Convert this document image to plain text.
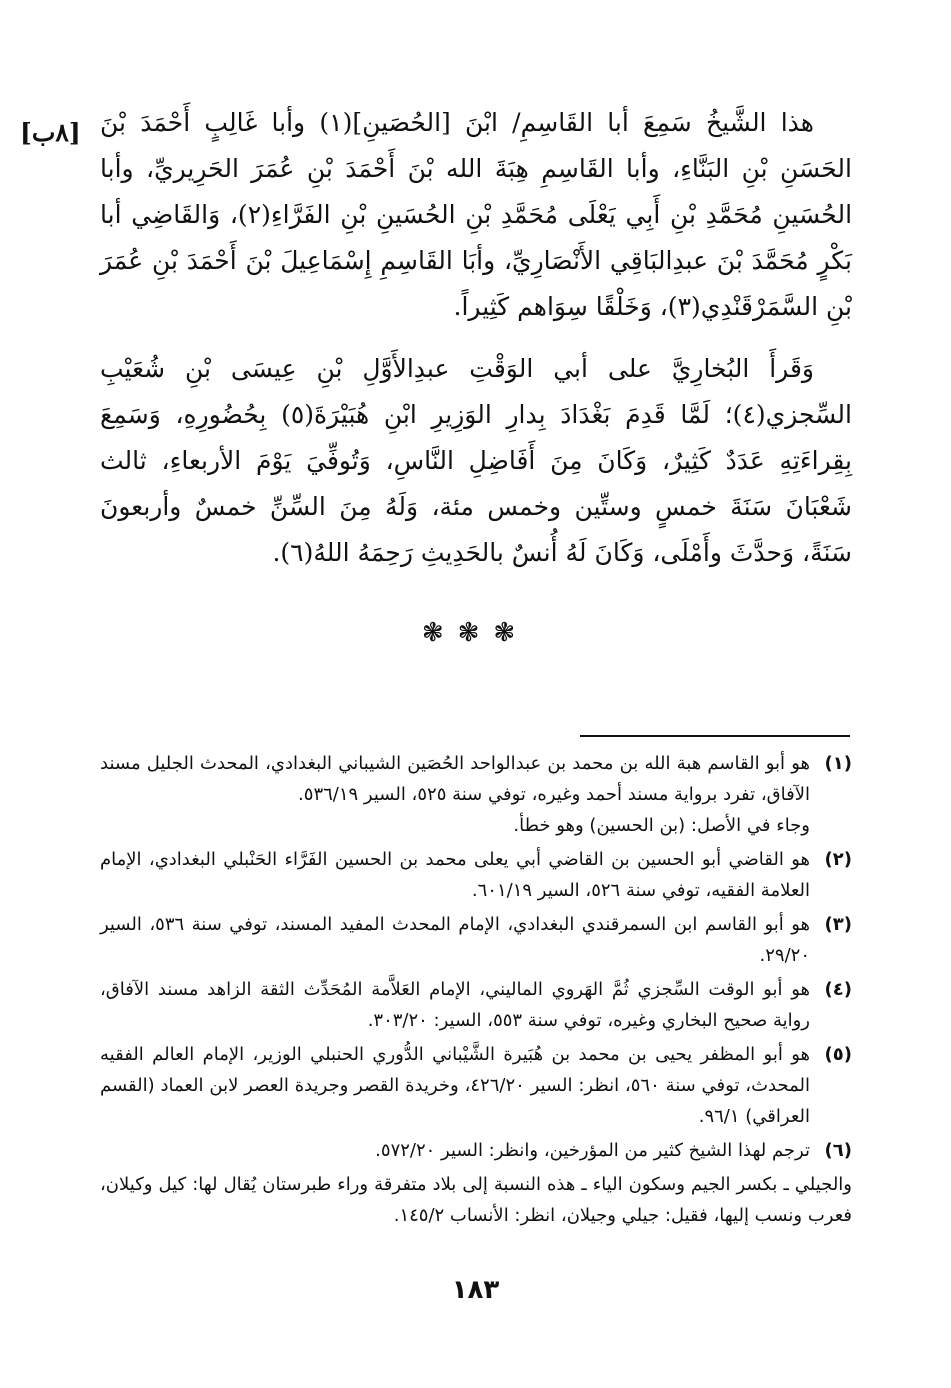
[٨ب] هذا الشَّيخُ سَمِعَ أبا القَاسِمِ/ ابْنَ [الحُصَينِ](١) وأبا غَالِبٍ أَحْمَدَ بْنَ الحَسَنِ بْنِ البَنَّاءِ، وأبا القَاسِمِ هِبَةَ الله بْنَ أَحْمَدَ بْنِ عُمَرَ الحَرِيريِّ، وأبا الحُسَينِ مُحَمَّدِ بْنِ أَبِي يَعْلَى مُحَمَّدِ بْنِ الحُسَينِ بْنِ الفَرَّاءِ(٢)، وَالقَاضِي أبا بَكْرٍ مُحَمَّدَ بْنَ عبدِالبَاقِي الأَنْصَارِيِّ، وأبَا القَاسِمِ إِسْمَاعِيلَ بْنَ أَحْمَدَ بْنِ عُمَرَ بْنِ السَّمَرْقَنْدِي(٣)، وَخَلْقًا سِوَاهم كَثِيراً.

وَقَرأَ البُخارِيَّ على أبي الوَقْتِ عبدِالأَوَّلِ بْنِ عِيسَى بْنِ شُعَيْبِ السِّجزي(٤)؛ لَمَّا قَدِمَ بَغْدَادَ بِدارِ الوَزِيرِ ابْنِ هُبَيْرَةَ(٥) بِحُضُورِهِ، وَسَمِعَ بِقِراءَتِهِ عَدَدٌ كَثِيرٌ، وَكَانَ مِنَ أَفَاضِلِ النَّاسِ، وَتُوفِّيَ يَوْمَ الأربعاءِ، ثالث شَعْبَانَ سَنَةَ خمسٍ وستِّين وخمس مئة، وَلَهُ مِنَ السِّنِّ خمسٌ وأربعونَ سَنَةً، وَحدَّثَ وأَمْلَى، وَكَانَ لَهُ أُنسٌ بالحَدِيثِ رَحِمَهُ اللهُ(٦).

❃❃❃
(١)
هو أبو القاسم هبة الله بن محمد بن عبدالواحد الحُصَين الشيباني البغدادي، المحدث الجليل مسند الآفاق، تفرد برواية مسند أحمد وغيره، توفي سنة ٥٢٥، السير ٥٣٦/١٩.
وجاء في الأصل: (بن الحسين) وهو خطأ.
(٢)
هو القاضي أبو الحسين بن القاضي أبي يعلى محمد بن الحسين الفَرَّاء الحَنْبلي البغدادي، الإمام العلامة الفقيه، توفي سنة ٥٢٦، السير ٦٠١/١٩.
(٣)
هو أبو القاسم ابن السمرقندي البغدادي، الإمام المحدث المفيد المسند، توفي سنة ٥٣٦، السير ٢٩/٢٠.
(٤)
هو أبو الوقت السِّجزي ثُمَّ الهَروي الماليني، الإمام العَلاَّمة المُحَدِّث الثقة الزاهد مسند الآفاق، رواية صحيح البخاري وغيره، توفي سنة ٥٥٣، السير: ٣٠٣/٢٠.
(٥)
هو أبو المظفر يحيى بن محمد بن هُبَيرة الشَّيْباني الدُّوري الحنبلي الوزير، الإمام العالم الفقيه المحدث، توفي سنة ٥٦٠، انظر: السير ٤٢٦/٢٠، وخريدة القصر وجريدة العصر لابن العماد (القسم العراقي) ٩٦/١.
(٦)
ترجم لهذا الشيخ كثير من المؤرخين، وانظر: السير ٥٧٢/٢٠.

والجيلي ـ بكسر الجيم وسكون الياء ـ هذه النسبة إلى بلاد متفرقة وراء طبرستان يُقال لها: كيل وكيلان، فعرب ونسب إليها، فقيل: جيلي وجيلان، انظر: الأنساب ١٤٥/٢.

١٨٣
